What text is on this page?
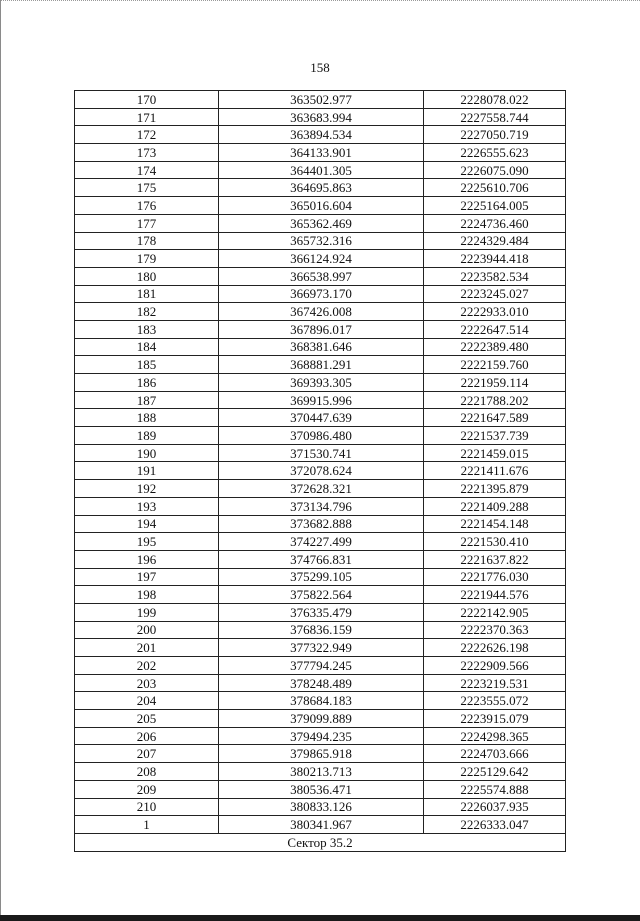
158
170	363502.977	2228078.022
171	363683.994	2227558.744
172	363894.534	2227050.719
173	364133.901	2226555.623
174	364401.305	2226075.090
175	364695.863	2225610.706
176	365016.604	2225164.005
177	365362.469	2224736.460
178	365732.316	2224329.484
179	366124.924	2223944.418
180	366538.997	2223582.534
181	366973.170	2223245.027
182	367426.008	2222933.010
183	367896.017	2222647.514
184	368381.646	2222389.480
185	368881.291	2222159.760
186	369393.305	2221959.114
187	369915.996	2221788.202
188	370447.639	2221647.589
189	370986.480	2221537.739
190	371530.741	2221459.015
191	372078.624	2221411.676
192	372628.321	2221395.879
193	373134.796	2221409.288
194	373682.888	2221454.148
195	374227.499	2221530.410
196	374766.831	2221637.822
197	375299.105	2221776.030
198	375822.564	2221944.576
199	376335.479	2222142.905
200	376836.159	2222370.363
201	377322.949	2222626.198
202	377794.245	2222909.566
203	378248.489	2223219.531
204	378684.183	2223555.072
205	379099.889	2223915.079
206	379494.235	2224298.365
207	379865.918	2224703.666
208	380213.713	2225129.642
209	380536.471	2225574.888
210	380833.126	2226037.935
1	380341.967	2226333.047
Сектор 35.2		
